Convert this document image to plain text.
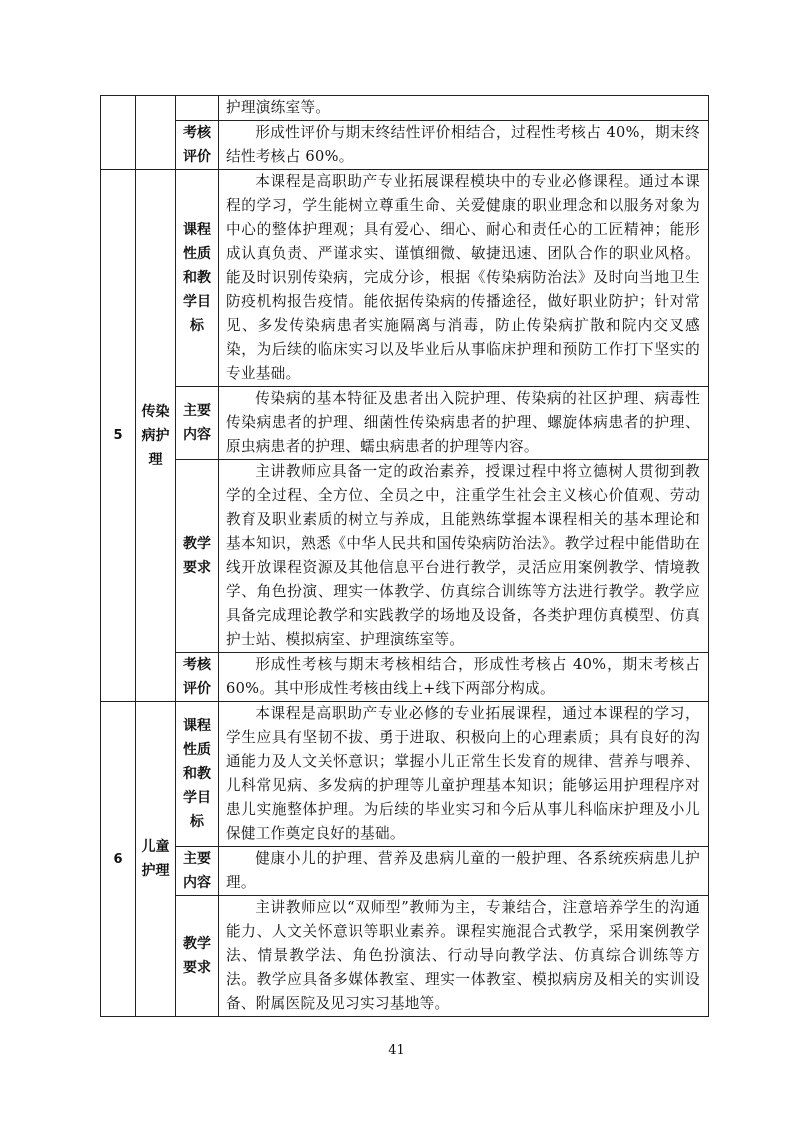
			护理演练室等。

		考核评价	形成性评价与期末终结性评价相结合，过程性考核占 40%，期末终结性考核占 60%。

5	传染病护理	课程性质和教学目标	本课程是高职助产专业拓展课程模块中的专业必修课程。通过本课程的学习，学生能树立尊重生命、关爱健康的职业理念和以服务对象为中心的整体护理观；具有爱心、细心、耐心和责任心的工匠精神；能形成认真负责、严谨求实、谨慎细微、敏捷迅速、团队合作的职业风格。能及时识别传染病，完成分诊，根据《传染病防治法》及时向当地卫生防疫机构报告疫情。能依据传染病的传播途径，做好职业防护；针对常见、多发传染病患者实施隔离与消毒，防止传染病扩散和院内交叉感染，为后续的临床实习以及毕业后从事临床护理和预防工作打下坚实的专业基础。

		主要内容	传染病的基本特征及患者出入院护理、传染病的社区护理、病毒性传染病患者的护理、细菌性传染病患者的护理、螺旋体病患者的护理、原虫病患者的护理、蠕虫病患者的护理等内容。

		教学要求	主讲教师应具备一定的政治素养，授课过程中将立德树人贯彻到教学的全过程、全方位、全员之中，注重学生社会主义核心价值观、劳动教育及职业素质的树立与养成，且能熟练掌握本课程相关的基本理论和基本知识，熟悉《中华人民共和国传染病防治法》。教学过程中能借助在线开放课程资源及其他信息平台进行教学，灵活应用案例教学、情境教学、角色扮演、理实一体教学、仿真综合训练等方法进行教学。教学应具备完成理论教学和实践教学的场地及设备，各类护理仿真模型、仿真护士站、模拟病室、护理演练室等。

		考核评价	形成性考核与期末考核相结合，形成性考核占 40%，期末考核占 60%。其中形成性考核由线上+线下两部分构成。

6	儿童护理	课程性质和教学目标	本课程是高职助产专业必修的专业拓展课程，通过本课程的学习，学生应具有坚韧不拔、勇于进取、积极向上的心理素质；具有良好的沟通能力及人文关怀意识；掌握小儿正常生长发育的规律、营养与喂养、儿科常见病、多发病的护理等儿童护理基本知识；能够运用护理程序对患儿实施整体护理。为后续的毕业实习和今后从事儿科临床护理及小儿保健工作奠定良好的基础。

		主要内容	健康小儿的护理、营养及患病儿童的一般护理、各系统疾病患儿护理。

		教学要求	主讲教师应以“双师型”教师为主，专兼结合，注意培养学生的沟通能力、人文关怀意识等职业素养。课程实施混合式教学，采用案例教学法、情景教学法、角色扮演法、行动导向教学法、仿真综合训练等方法。教学应具备多媒体教室、理实一体教室、模拟病房及相关的实训设备、附属医院及见习实习基地等。
41
